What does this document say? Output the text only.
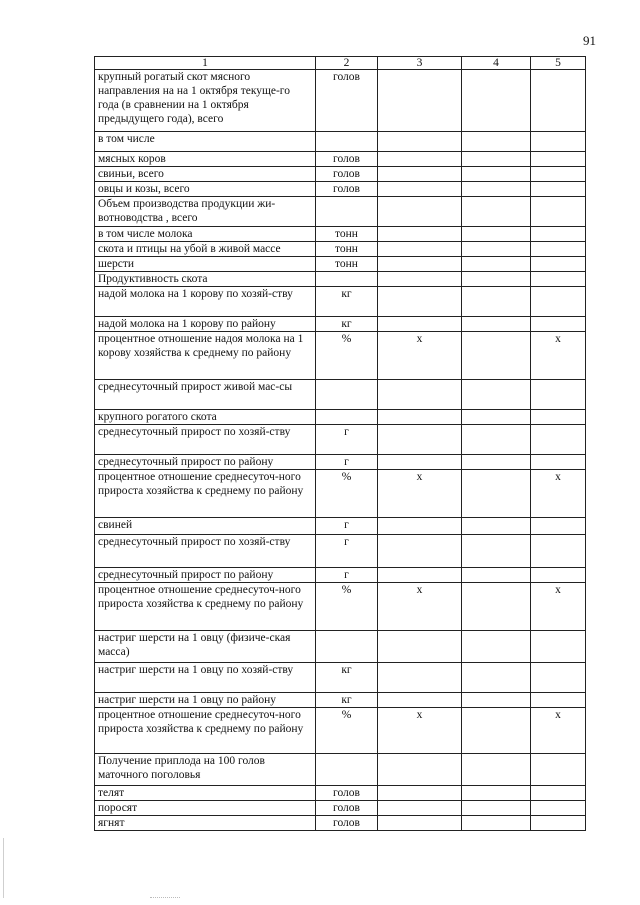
91
1	2	3	4	5
крупный рогатый скот мясного направления на на 1 октября текуще-го года (в сравнении на 1 октября предыдущего года), всего	голов			
в том числе				
мясных коров	голов			
свиньи, всего	голов			
овцы и козы, всего	голов			
Объем производства продукции жи-вотноводства , всего				
в том числе молока	тонн			
скота и птицы на убой в живой массе	тонн			
шерсти	тонн			
Продуктивность скота				
надой молока на 1 корову по хозяй-ству	кг			
надой молока на 1 корову по району	кг			
процентное отношение надоя молока на 1 корову хозяйства к среднему по району	%	x		x
среднесуточный прирост живой мас-сы				
крупного рогатого скота				
среднесуточный прирост по хозяй-ству	г			
среднесуточный прирост по району	г			
процентное отношение среднесуточ-ного прироста хозяйства к среднему по району	%	x		x
свиней	г			
среднесуточный прирост по хозяй-ству	г			
среднесуточный прирост по району	г			
процентное отношение среднесуточ-ного прироста хозяйства к среднему по району	%	x		x
настриг шерсти на 1 овцу (физиче-ская масса)				
настриг шерсти на 1 овцу по хозяй-ству	кг			
настриг шерсти на 1 овцу по району	кг			
процентное отношение среднесуточ-ного прироста хозяйства к среднему по району	%	x		x
Получение приплода на 100 голов маточного поголовья				
телят	голов			
поросят	голов			
ягнят	голов			
